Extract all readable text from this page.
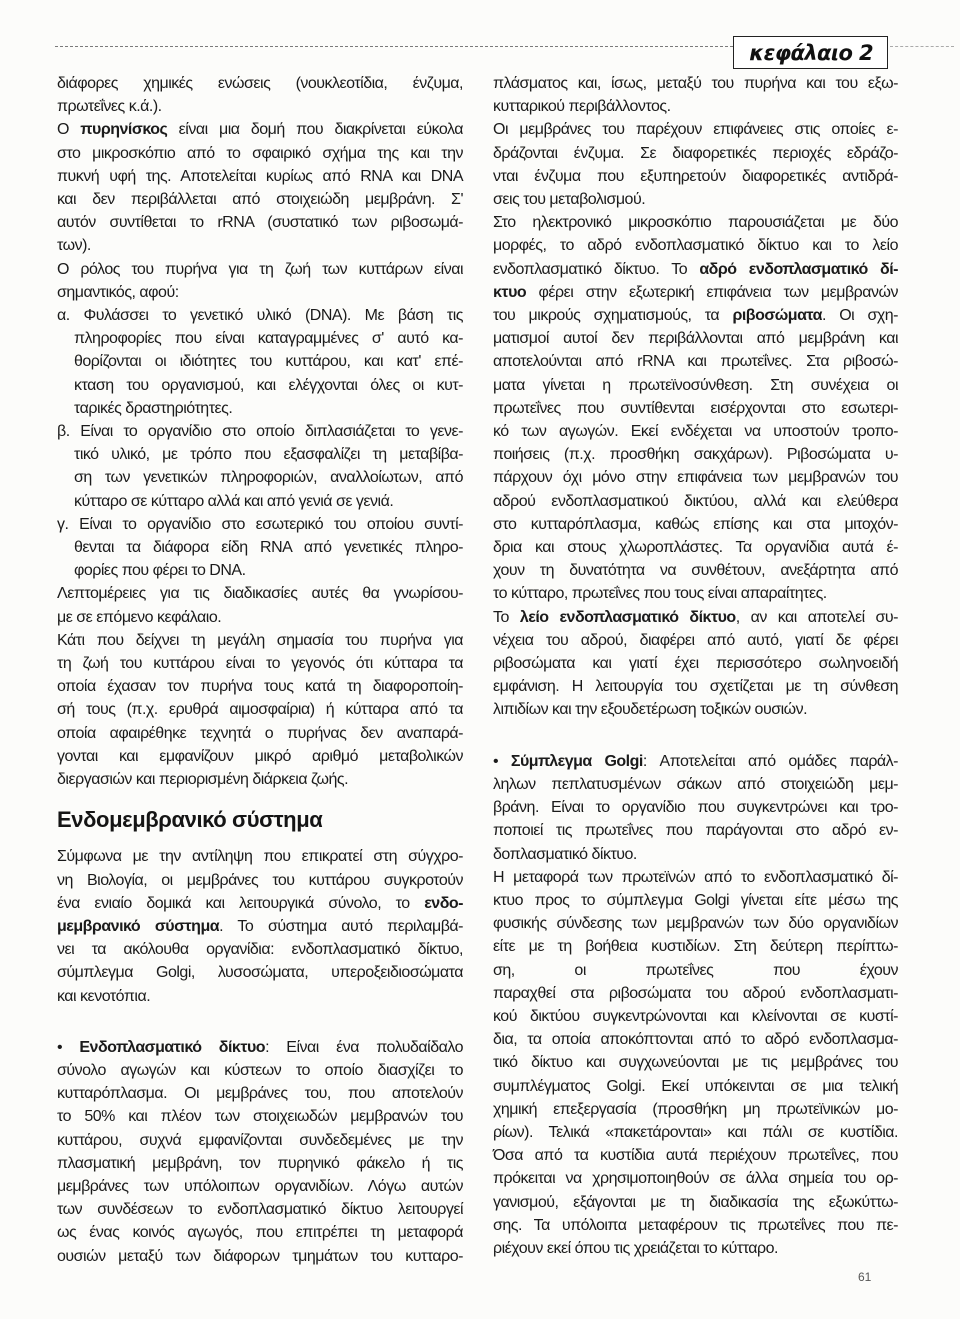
κεφάλαιο 2
διάφορες χημικές ενώσεις (νουκλεοτίδια, ένζυμα,
πρωτεΐνες κ.ά.).
Ο πυρηνίσκος είναι μια δομή που διακρίνεται εύκολα
στο μικροσκόπιο από το σφαιρικό σχήμα της και την
πυκνή υφή της. Αποτελείται κυρίως από RNA και DNA
και δεν περιβάλλεται από στοιχειώδη μεμβράνη. Σ'
αυτόν συντίθεται το rRNA (συστατικό των ριβοσωμά-
των).
Ο ρόλος του πυρήνα για τη ζωή των κυττάρων είναι
σημαντικός, αφού:
α. Φυλάσσει το γενετικό υλικό (DNA). Με βάση τις
πληροφορίες που είναι καταγραμμένες σ' αυτό κα-
θορίζονται οι ιδιότητες του κυττάρου, και κατ' επέ-
κταση του οργανισμού, και ελέγχονται όλες οι κυτ-
ταρικές δραστηριότητες.
β. Είναι το οργανίδιο στο οποίο διπλασιάζεται το γενε-
τικό υλικό, με τρόπο που εξασφαλίζει τη μεταβίβα-
ση των γενετικών πληροφοριών, αναλλοίωτων, από
κύτταρο σε κύτταρο αλλά και από γενιά σε γενιά.
γ. Είναι το οργανίδιο στο εσωτερικό του οποίου συντί-
θενται τα διάφορα είδη RNA από γενετικές πληρο-
φορίες που φέρει το DNA.
Λεπτομέρειες για τις διαδικασίες αυτές θα γνωρίσου-
με σε επόμενο κεφάλαιο.
Κάτι που δείχνει τη μεγάλη σημασία του πυρήνα για
τη ζωή του κυττάρου είναι το γεγονός ότι κύτταρα τα
οποία έχασαν τον πυρήνα τους κατά τη διαφοροποίη-
σή τους (π.χ. ερυθρά αιμοσφαίρια) ή κύτταρα από τα
οποία αφαιρέθηκε τεχνητά ο πυρήνας δεν αναπαρά-
γονται και εμφανίζουν μικρό αριθμό μεταβολικών
διεργασιών και περιορισμένη διάρκεια ζωής.
Ενδομεμβρανικό σύστημα
Σύμφωνα με την αντίληψη που επικρατεί στη σύγχρο-
νη Βιολογία, οι μεμβράνες του κυττάρου συγκροτούν
ένα ενιαίο δομικά και λειτουργικά σύνολο, το ενδο-
μεμβρανικό σύστημα. Το σύστημα αυτό περιλαμβά-
νει τα ακόλουθα οργανίδια: ενδοπλασματικό δίκτυο,
σύμπλεγμα Golgi, λυσοσώματα, υπεροξειδιοσώματα
και κενοτόπια.
• Ενδοπλασματικό δίκτυο: Είναι ένα πολυδαίδαλο
σύνολο αγωγών και κύστεων το οποίο διασχίζει το
κυτταρόπλασμα. Οι μεμβράνες του, που αποτελούν
το 50% και πλέον των στοιχειωδών μεμβρανών του
κυττάρου, συχνά εμφανίζονται συνδεδεμένες με την
πλασματική μεμβράνη, τον πυρηνικό φάκελο ή τις
μεμβράνες των υπόλοιπων οργανιδίων. Λόγω αυτών
των συνδέσεων το ενδοπλασματικό δίκτυο λειτουργεί
ως ένας κοινός αγωγός, που επιτρέπει τη μεταφορά
ουσιών μεταξύ των διάφορων τμημάτων του κυτταρο-
πλάσματος και, ίσως, μεταξύ του πυρήνα και του εξω-
κυτταρικού περιβάλλοντος.
Οι μεμβράνες του παρέχουν επιφάνειες στις οποίες ε-
δράζονται ένζυμα. Σε διαφορετικές περιοχές εδράζο-
νται ένζυμα που εξυπηρετούν διαφορετικές αντιδρά-
σεις του μεταβολισμού.
Στο ηλεκτρονικό μικροσκόπιο παρουσιάζεται με δύο
μορφές, το αδρό ενδοπλασματικό δίκτυο και το λείο
ενδοπλασματικό δίκτυο. Το αδρό ενδοπλασματικό δί-
κτυο φέρει στην εξωτερική επιφάνεια των μεμβρανών
του μικρούς σχηματισμούς, τα ριβοσώματα. Οι σχη-
ματισμοί αυτοί δεν περιβάλλονται από μεμβράνη και
αποτελούνται από rRNA και πρωτεΐνες. Στα ριβοσώ-
ματα γίνεται η πρωτεϊνοσύνθεση. Στη συνέχεια οι
πρωτεΐνες που συντίθενται εισέρχονται στο εσωτερι-
κό των αγωγών. Εκεί ενδέχεται να υποστούν τροπο-
ποιήσεις (π.χ. προσθήκη σακχάρων). Ριβοσώματα υ-
πάρχουν όχι μόνο στην επιφάνεια των μεμβρανών του
αδρού ενδοπλασματικού δικτύου, αλλά και ελεύθερα
στο κυτταρόπλασμα, καθώς επίσης και στα μιτοχόν-
δρια και στους χλωροπλάστες. Τα οργανίδια αυτά έ-
χουν τη δυνατότητα να συνθέτουν, ανεξάρτητα από
το κύτταρο, πρωτεΐνες που τους είναι απαραίτητες.
Το λείο ενδοπλασματικό δίκτυο, αν και αποτελεί συ-
νέχεια του αδρού, διαφέρει από αυτό, γιατί δε φέρει
ριβοσώματα και γιατί έχει περισσότερο σωληνοειδή
εμφάνιση. Η λειτουργία του σχετίζεται με τη σύνθεση
λιπιδίων και την εξουδετέρωση τοξικών ουσιών.
• Σύμπλεγμα Golgi: Αποτελείται από ομάδες παράλ-
ληλων πεπλατυσμένων σάκων από στοιχειώδη μεμ-
βράνη. Είναι το οργανίδιο που συγκεντρώνει και τρο-
ποποιεί τις πρωτεΐνες που παράγονται στο αδρό εν-
δοπλασματικό δίκτυο.
Η μεταφορά των πρωτεϊνών από το ενδοπλασματικό δί-
κτυο προς το σύμπλεγμα Golgi γίνεται είτε μέσω της
φυσικής σύνδεσης των μεμβρανών των δύο οργανιδίων
είτε με τη βοήθεια κυστιδίων. Στη δεύτερη περίπτω-
ση, οι πρωτεΐνες που έχουν
παραχθεί στα ριβοσώματα του αδρού ενδοπλασματι-
κού δικτύου συγκεντρώνονται και κλείνονται σε κυστί-
δια, τα οποία αποκόπτονται από το αδρό ενδοπλασμα-
τικό δίκτυο και συγχωνεύονται με τις μεμβράνες του
συμπλέγματος Golgi. Εκεί υπόκεινται σε μια τελική
χημική επεξεργασία (προσθήκη μη πρωτεϊνικών μο-
ρίων). Τελικά «πακετάρονται» και πάλι σε κυστίδια.
Όσα από τα κυστίδια αυτά περιέχουν πρωτεΐνες, που
πρόκειται να χρησιμοποιηθούν σε άλλα σημεία του ορ-
γανισμού, εξάγονται με τη διαδικασία της εξωκύττω-
σης. Τα υπόλοιπα μεταφέρουν τις πρωτεΐνες που πε-
ριέχουν εκεί όπου τις χρειάζεται το κύτταρο.
61
